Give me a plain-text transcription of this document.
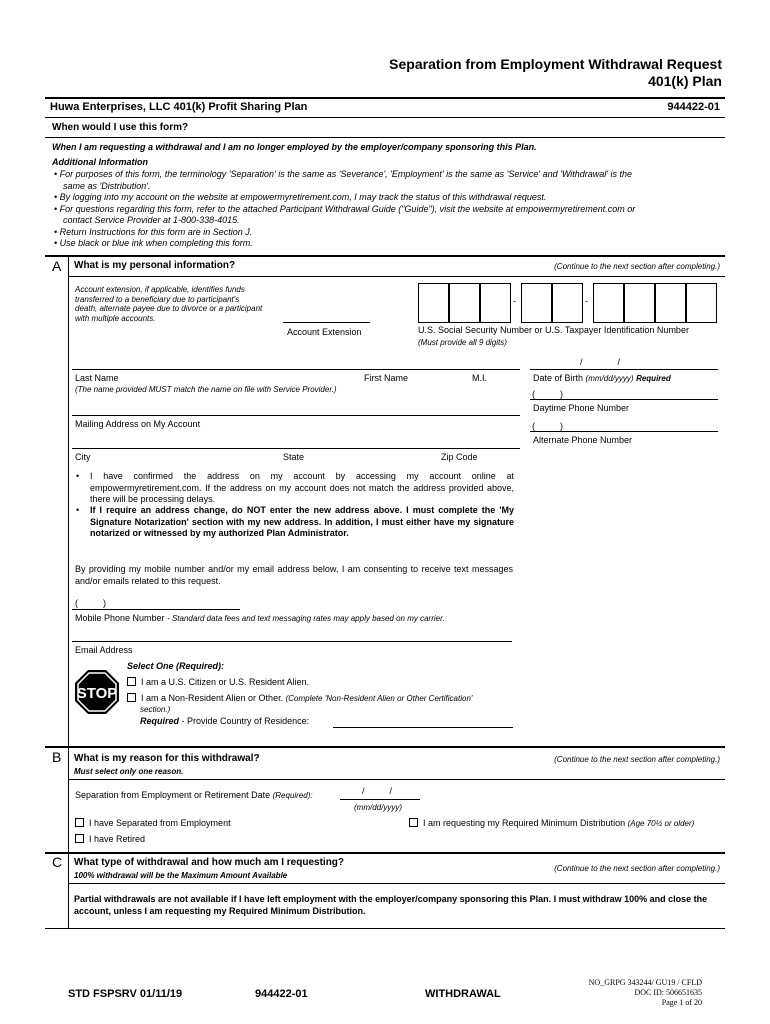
Separation from Employment Withdrawal Request
401(k) Plan
Huwa Enterprises, LLC 401(k) Profit Sharing Plan	944422-01
When would I use this form?
When I am requesting a withdrawal and I am no longer employed by the employer/company sponsoring this Plan.
Additional Information
• For purposes of this form, the terminology 'Separation' is the same as 'Severance', 'Employment' is the same as 'Service' and 'Withdrawal' is the
same as 'Distribution'.
• By logging into my account on the website at empowermyretirement.com, I may track the status of this withdrawal request.
• For questions regarding this form, refer to the attached Participant Withdrawal Guide ("Guide"), visit the website at empowermyretirement.com or
contact Service Provider at 1-800-338-4015.
• Return Instructions for this form are in Section J.
• Use black or blue ink when completing this form.
A What is my personal information?	(Continue to the next section after completing.)
Account extension, if applicable, identifies funds
transferred to a beneficiary due to participant's
death, alternate payee due to divorce or a participant
with multiple accounts.
Account Extension
-	-
U.S. Social Security Number or U.S. Taxpayer Identification Number
(Must provide all 9 digits)
Last Name	First Name	M.I.
(The name provided MUST match the name on file with Service Provider.)
/              /
Date of Birth (mm/dd/yyyy) Required
(          )
Daytime Phone Number
Mailing Address on My Account	(          )
Alternate Phone Number
City	State	Zip Code
• I have confirmed the address on my account by accessing my account online at empowermyretirement.com. If the address on my account does not match the address provided above, there will be processing delays.
• If I require an address change, do NOT enter the new address above. I must complete the 'My Signature Notarization' section with my new address. In addition, I must either have my signature notarized or witnessed by my authorized Plan Administrator.
By providing my mobile number and/or my email address below, I am consenting to receive text messages and/or emails related to this request.
(          )
Mobile Phone Number - Standard data fees and text messaging rates may apply based on my carrier.
Email Address
STOP
Select One (Required):
I am a U.S. Citizen or U.S. Resident Alien.
I am a Non-Resident Alien or Other. (Complete 'Non-Resident Alien or Other Certification'
section.)
Required - Provide Country of Residence:
B What is my reason for this withdrawal?	(Continue to the next section after completing.)
Must select only one reason.
Separation from Employment or Retirement Date (Required):	/          /
(mm/dd/yyyy)
I have Separated from Employment
I have Retired
I am requesting my Required Minimum Distribution (Age 70½ or older)
C What type of withdrawal and how much am I requesting?
(Continue to the next section after completing.)
100% withdrawal will be the Maximum Amount Available
Partial withdrawals are not available if I have left employment with the employer/company sponsoring this Plan. I must withdraw 100% and close the account, unless I am requesting my Required Minimum Distribution.
STD FSPSRV 01/11/19	944422-01	WITHDRAWAL
NO_GRPG 343244/ GU19 / CFLD
DOC ID: 506651635
Page 1 of 20
